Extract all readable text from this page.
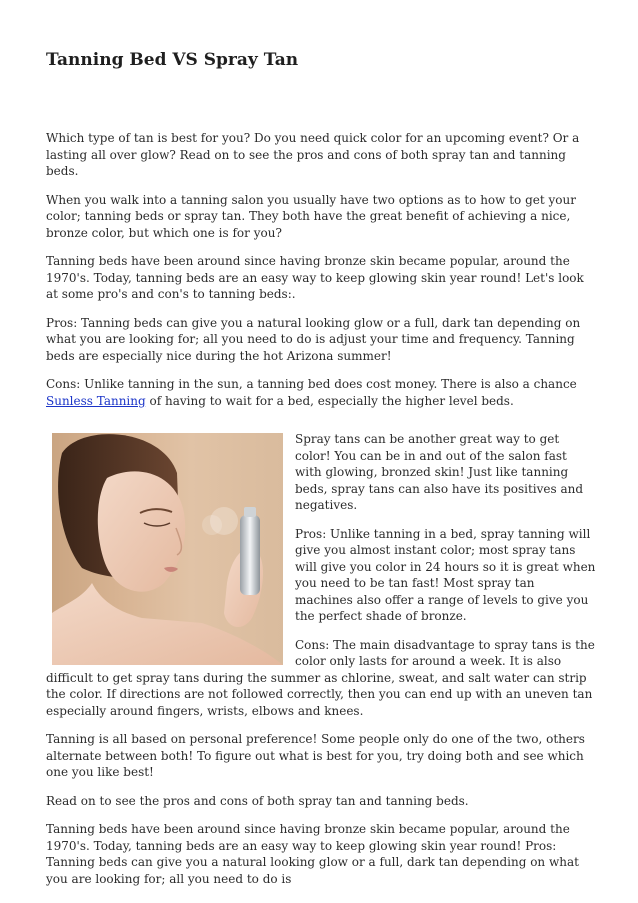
Tanning Bed VS Spray Tan

Which type of tan is best for you? Do you need quick color for an upcoming event? Or a lasting all over glow? Read on to see the pros and cons of both spray tan and tanning beds.

When you walk into a tanning salon you usually have two options as to how to get your color; tanning beds or spray tan. They both have the great benefit of achieving a nice, bronze color, but which one is for you?

Tanning beds have been around since having bronze skin became popular, around the 1970's. Today, tanning beds are an easy way to keep glowing skin year round! Let's look at some pro's and con's to tanning beds:.

Pros: Tanning beds can give you a natural looking glow or a full, dark tan depending on what you are looking for; all you need to do is adjust your time and frequency. Tanning beds are especially nice during the hot Arizona summer!

Cons: Unlike tanning in the sun, a tanning bed does cost money. There is also a chance Sunless Tanning of having to wait for a bed, especially the higher level beds.

Spray tans can be another great way to get color! You can be in and out of the salon fast with glowing, bronzed skin! Just like tanning beds, spray tans can also have its positives and negatives.

Pros: Unlike tanning in a bed, spray tanning will give you almost instant color; most spray tans will give you color in 24 hours so it is great when you need to be tan fast! Most spray tan machines also offer a range of levels to give you the perfect shade of bronze.

Cons: The main disadvantage to spray tans is the color only lasts for around a week. It is also difficult to get spray tans during the summer as chlorine, sweat, and salt water can strip the color. If directions are not followed correctly, then you can end up with an uneven tan especially around fingers, wrists, elbows and knees.

Tanning is all based on personal preference! Some people only do one of the two, others alternate between both! To figure out what is best for you, try doing both and see which one you like best!

Read on to see the pros and cons of both spray tan and tanning beds.

Tanning beds have been around since having bronze skin became popular, around the 1970's. Today, tanning beds are an easy way to keep glowing skin year round! Pros: Tanning beds can give you a natural looking glow or a full, dark tan depending on what you are looking for; all you need to do is
